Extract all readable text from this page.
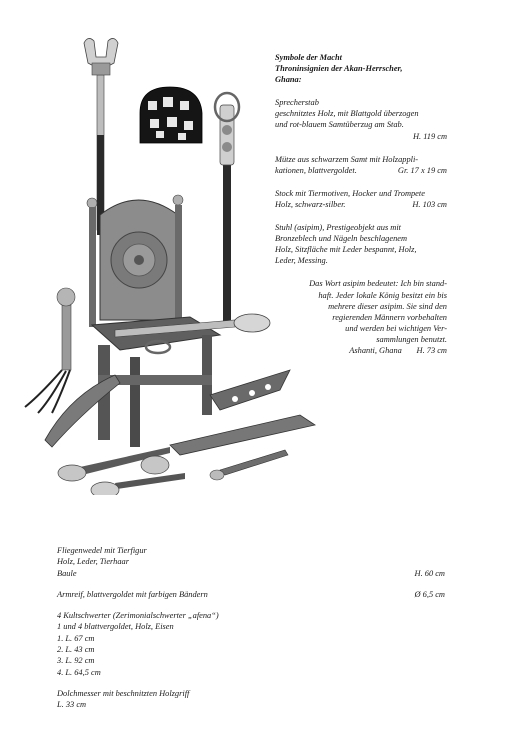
Symbole der Macht
Throninsignien der Akan-Herrscher,
Ghana:

Sprecherstab
geschnitztes Holz, mit Blattgold überzogen
und rot-blauem Samtüberzug am Stab.

H. 119 cm

Mütze aus schwarzem Samt mit Holzappli-

kationen, blattvergoldet.	Gr. 17 x 19 cm

Stock mit Tiermotiven, Hocker und Trompete

Holz, schwarz-silber.	H. 103 cm

Stuhl (asipim), Prestigeobjekt aus mit
Bronzeblech und Nägeln beschlagenem
Holz, Sitzfläche mit Leder bespannt, Holz,
Leder, Messing.

Das Wort asipim bedeutet: Ich bin stand-
haft. Jeder lokale König besitzt ein bis
mehrere dieser asipim. Sie sind den
regierenden Männern vorbehalten
und werden bei wichtigen Ver-
sammlungen benutzt.
Ashanti, Ghana H. 73 cm

Fliegenwedel mit Tierfigur
Holz, Leder, Tierhaar

Baule	H. 60 cm
Armreif, blattvergoldet mit farbigen Bändern	Ø 6,5 cm
4 Kultschwerter (Zerimonialschwerter „afena“)
1 und 4 blattvergoldet, Holz, Eisen

1. L. 67 cm
2. L. 43 cm
3. L. 92 cm
4. L. 64,5 cm
Dolchmesser mit beschnitzten Holzgriff
L. 33 cm
